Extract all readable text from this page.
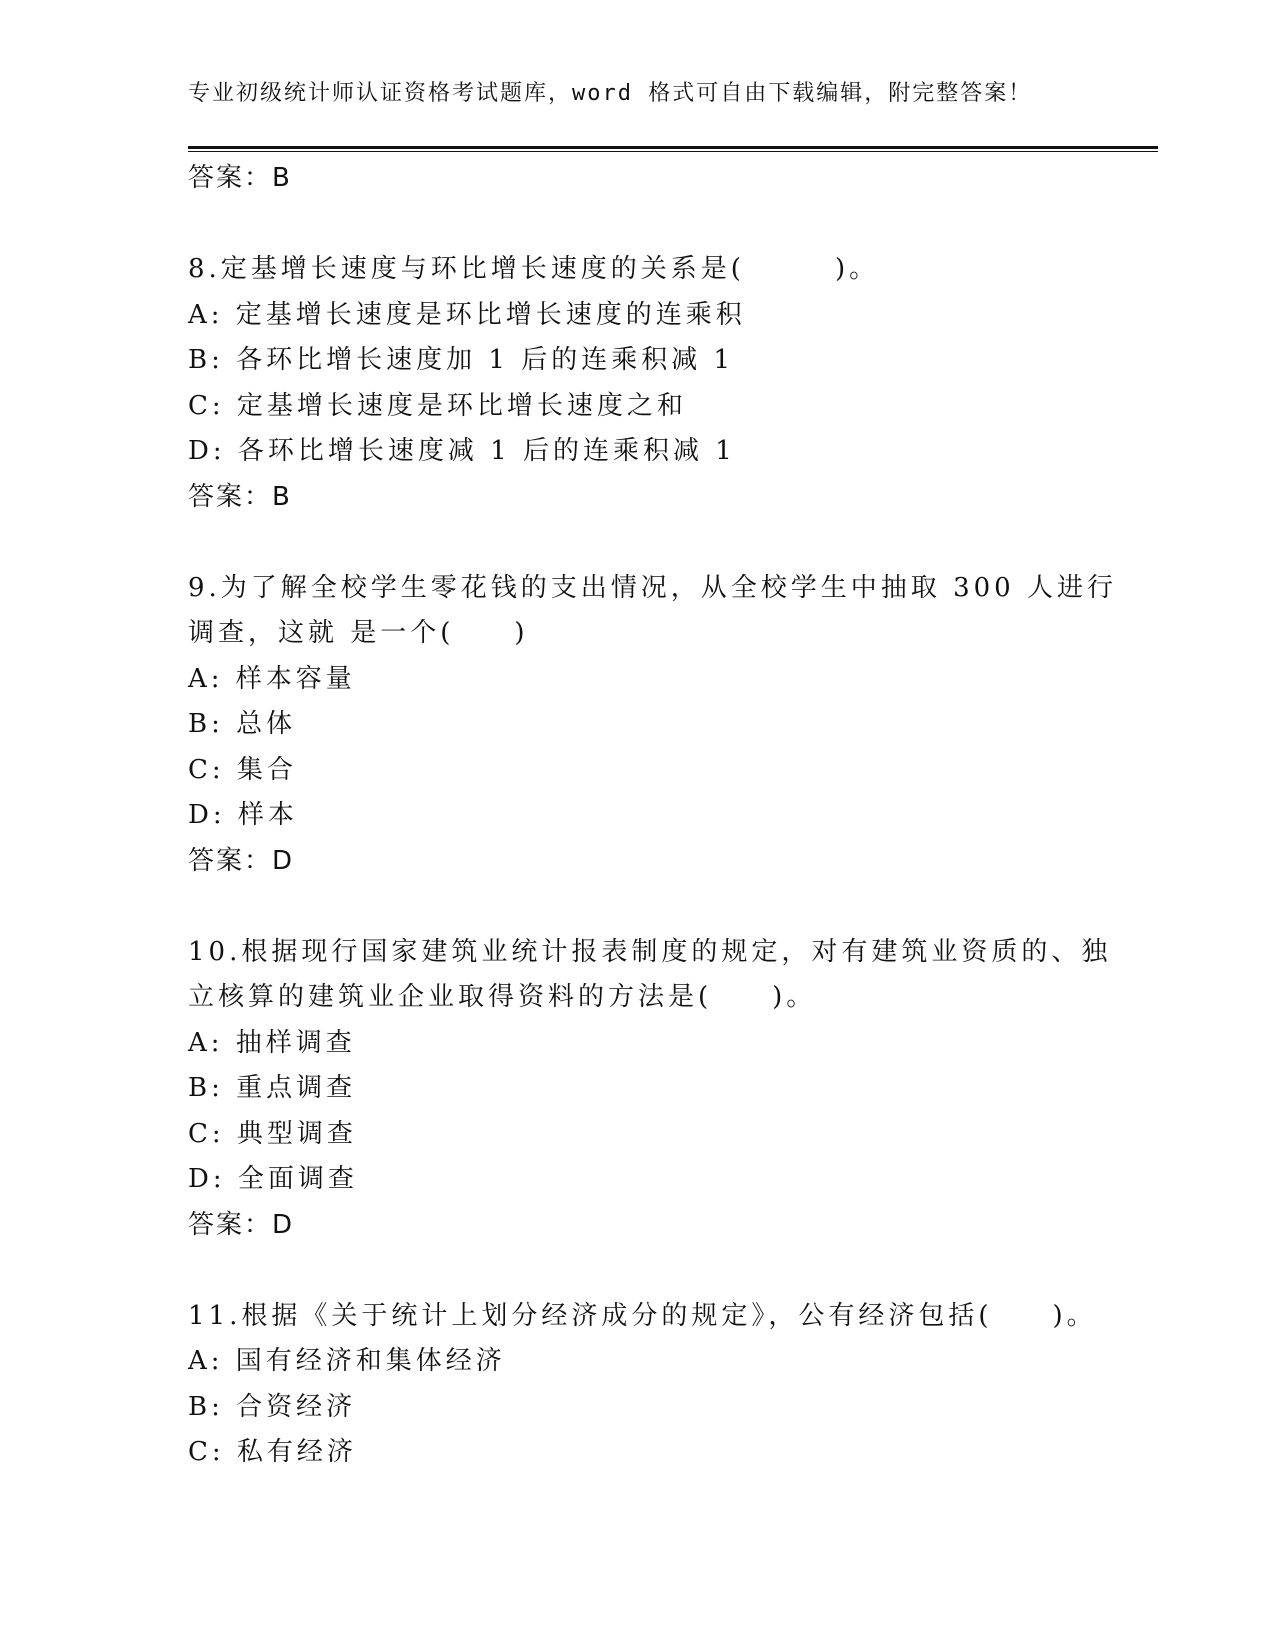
专业初级统计师认证资格考试题库，word 格式可自由下载编辑，附完整答案！
答案：B
8.定基增长速度与环比增长速度的关系是(　　　)。
A: 定基增长速度是环比增长速度的连乘积
B: 各环比增长速度加 1 后的连乘积减 1
C: 定基增长速度是环比增长速度之和
D: 各环比增长速度减 1 后的连乘积减 1
答案：B
9.为了解全校学生零花钱的支出情况，从全校学生中抽取 300 人进行
调查，这就 是一个(　　)
A: 样本容量
B: 总体
C: 集合
D: 样本
答案：D
10.根据现行国家建筑业统计报表制度的规定，对有建筑业资质的、独
立核算的建筑业企业取得资料的方法是(　　)。
A: 抽样调查
B: 重点调查
C: 典型调查
D: 全面调查
答案：D
11.根据《关于统计上划分经济成分的规定》，公有经济包括(　　)。
A: 国有经济和集体经济
B: 合资经济
C: 私有经济
